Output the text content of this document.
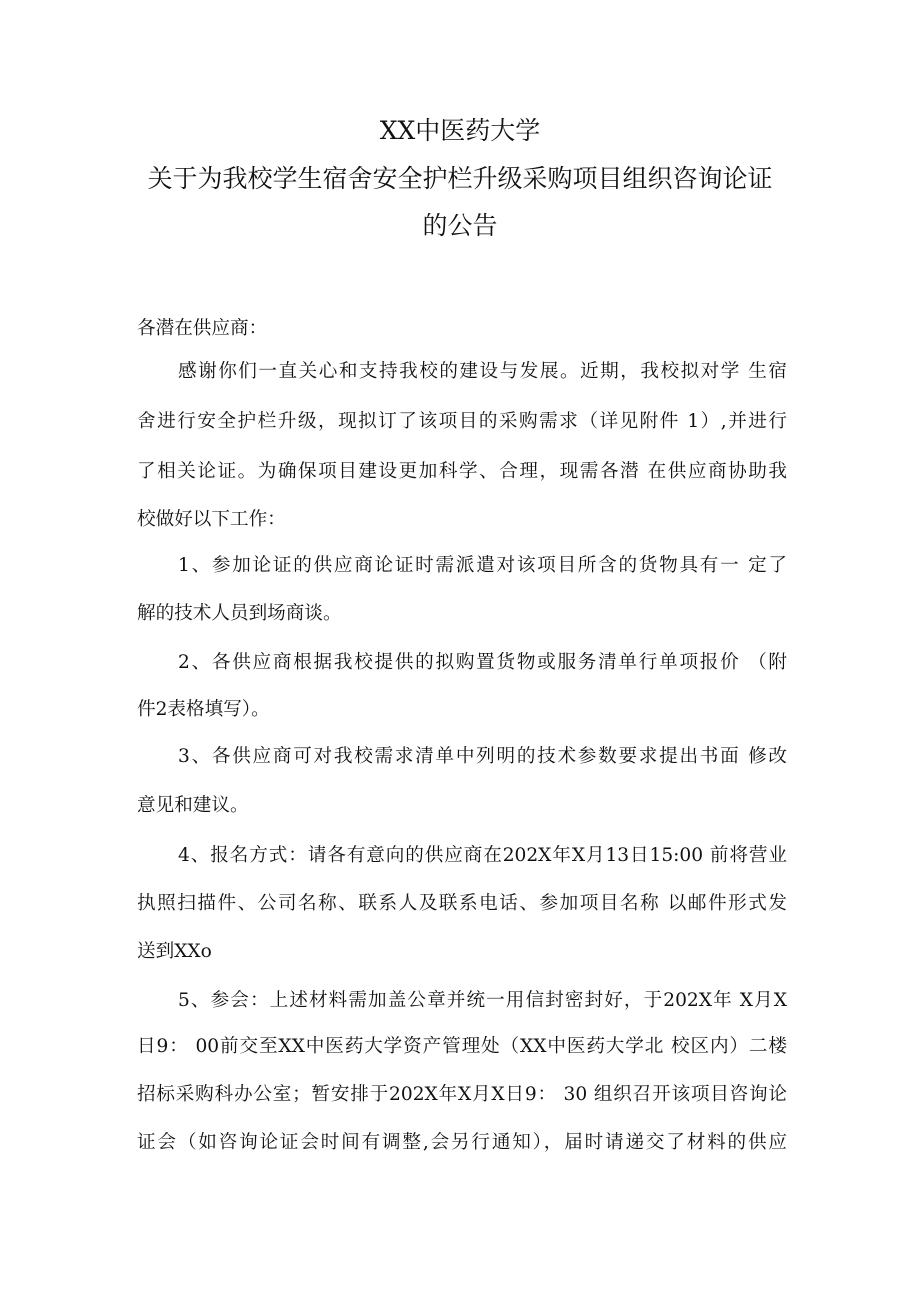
XX中医药大学
关于为我校学生宿舍安全护栏升级采购项目组织咨询论证
的公告
各潜在供应商：
感谢你们一直关心和支持我校的建设与发展。近期，我校拟对学 生宿
舍进行安全护栏升级，现拟订了该项目的采购需求（详见附件 1）,并进行
了相关论证。为确保项目建设更加科学、合理，现需各潜 在供应商协助我
校做好以下工作：
1、参加论证的供应商论证时需派遣对该项目所含的货物具有一 定了
解的技术人员到场商谈。
2、各供应商根据我校提供的拟购置货物或服务清单行单项报价 （附
件2表格填写）。
3、各供应商可对我校需求清单中列明的技术参数要求提出书面 修改
意见和建议。
4、报名方式：请各有意向的供应商在202X年X月13日15:00 前将营业
执照扫描件、公司名称、联系人及联系电话、参加项目名称 以邮件形式发
送到XXo
5、参会：上述材料需加盖公章并统一用信封密封好，于202X年 X月X
日9： 00前交至XX中医药大学资产管理处（XX中医药大学北 校区内）二楼
招标采购科办公室；暂安排于202X年X月X日9： 30 组织召开该项目咨询论
证会（如咨询论证会时间有调整,会另行通知），届时请递交了材料的供应
